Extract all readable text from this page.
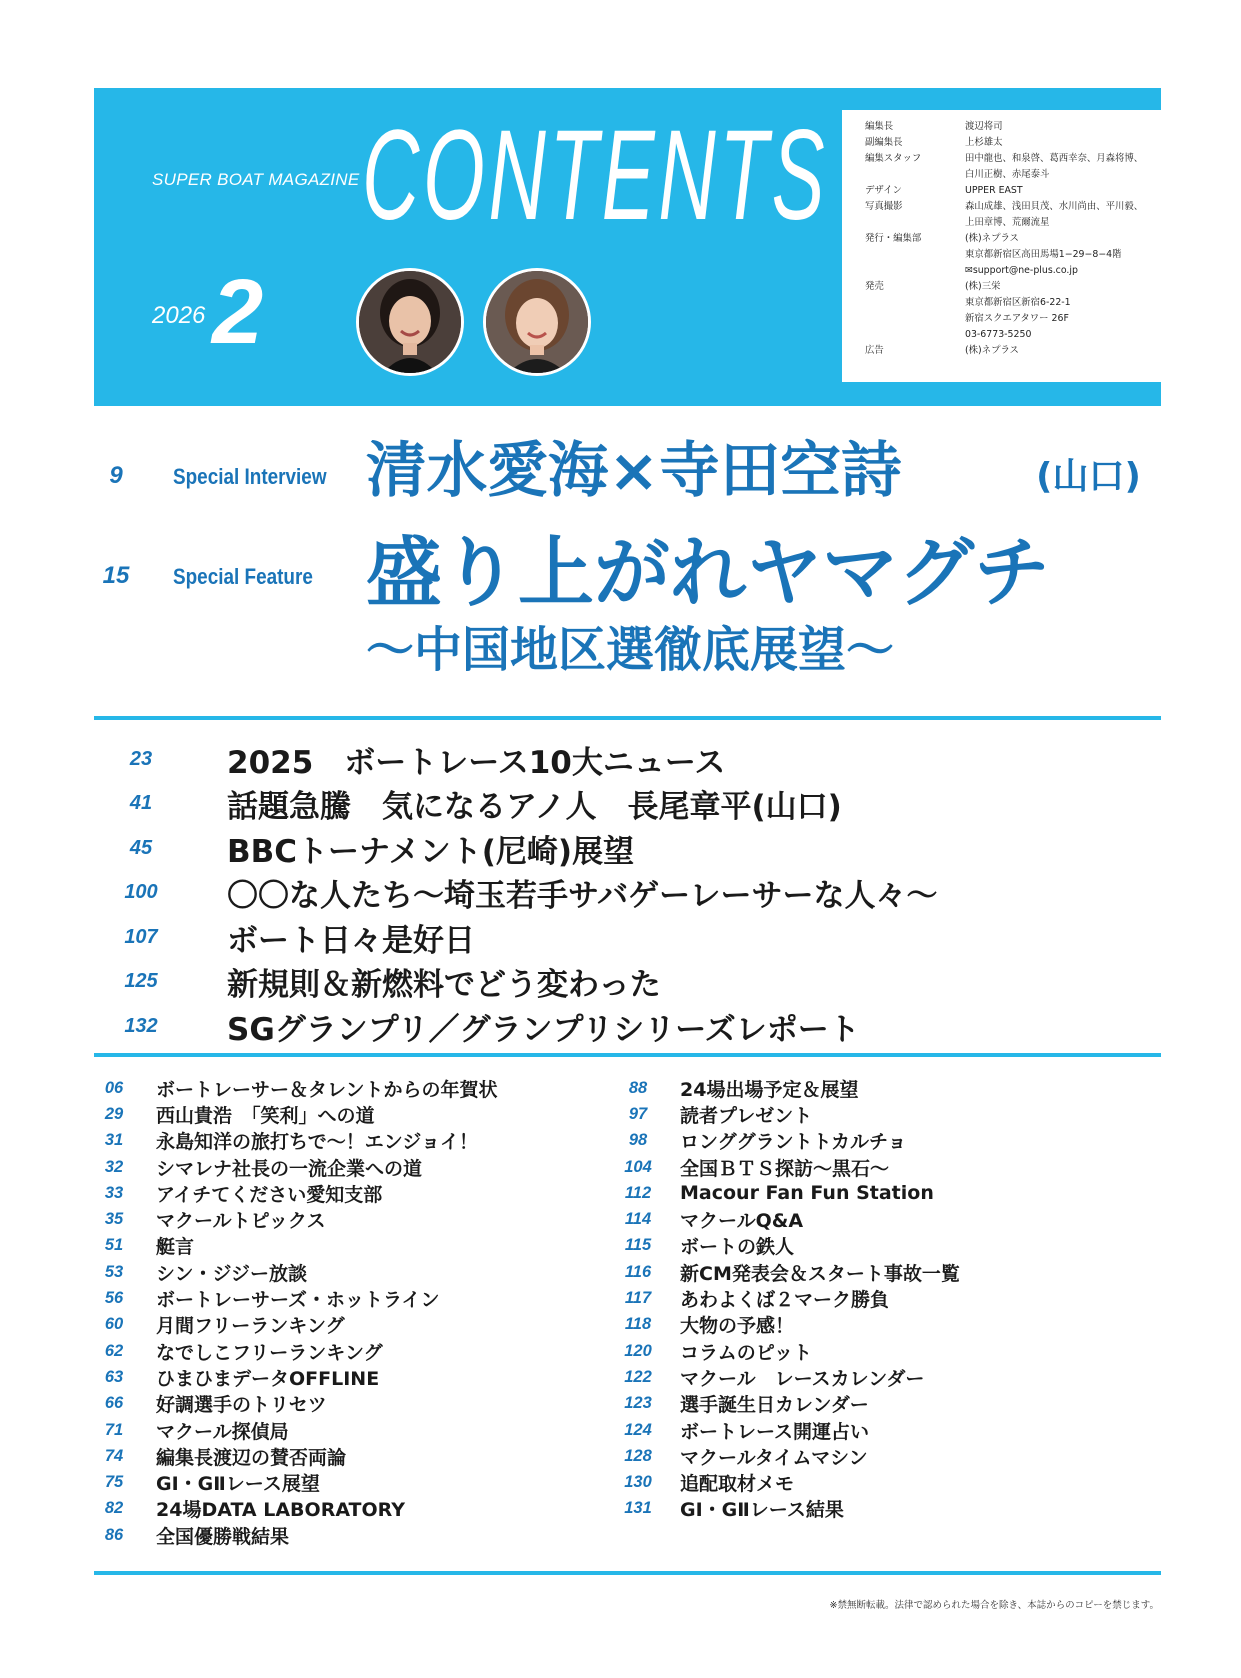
SUPER BOAT MAGAZINE CONTENTS
2026 2
編集長	渡辺将司
副編集長	上杉雄太
編集スタッフ	田中龍也、和泉啓、葛西幸奈、月森将博、
白川正樹、赤尾泰斗
デザイン	UPPER EAST
写真撮影	森山成雄、浅田貝茂、水川尚由、平川毅、
上田章博、荒爾流星
発行・編集部	(株)ネプラス
東京都新宿区高田馬場1−29−8−4階
✉support@ne-plus.co.jp
発売	(株)三栄
東京都新宿区新宿6-22-1
新宿スクエアタワー 26F
03-6773-5250
広告	(株)ネプラス
9 Special Interview 清水愛海×寺田空詩	(山口)
15 Special Feature 盛り上がれヤマグチ
〜中国地区選徹底展望〜
23	2025　ボートレース10大ニュース
41	話題急騰　気になるアノ人　長尾章平(山口)
45	BBCトーナメント(尼崎)展望
100	〇〇な人たち〜埼玉若手サバゲーレーサーな人々〜
107	ボート日々是好日
125	新規則＆新燃料でどう変わった
132	SGグランプリ／グランプリシリーズレポート
06	ボートレーサー＆タレントからの年賀状
29	西山貴浩　「笑利」への道
31	永島知洋の旅打ちで〜！エンジョイ！
32	シマレナ社長の一流企業への道
33	アイチてください愛知支部
35	マクールトピックス
51	艇言
53	シン・ジジー放談
56	ボートレーサーズ・ホットライン
60	月間フリーランキング
62	なでしこフリーランキング
63	ひまひまデータOFFLINE
66	好調選手のトリセツ
71	マクール探偵局
74	編集長渡辺の賛否両論
75	GⅠ・GⅡレース展望
82	24場DATA LABORATORY
86	全国優勝戦結果
88	24場出場予定＆展望
97	読者プレゼント
98	ロンググラントトカルチョ
104	全国ＢＴＳ探訪〜黒石〜
112	Macour Fan Fun Station
114	マクールQ&A
115	ボートの鉄人
116	新CM発表会＆スタート事故一覧
117	あわよくば２マーク勝負
118	大物の予感！
120	コラムのピット
122	マクール　レースカレンダー
123	選手誕生日カレンダー
124	ボートレース開運占い
128	マクールタイムマシン
130	追配取材メモ
131	GⅠ・GⅡレース結果
※禁無断転載。法律で認められた場合を除き、本誌からのコピーを禁じます。
